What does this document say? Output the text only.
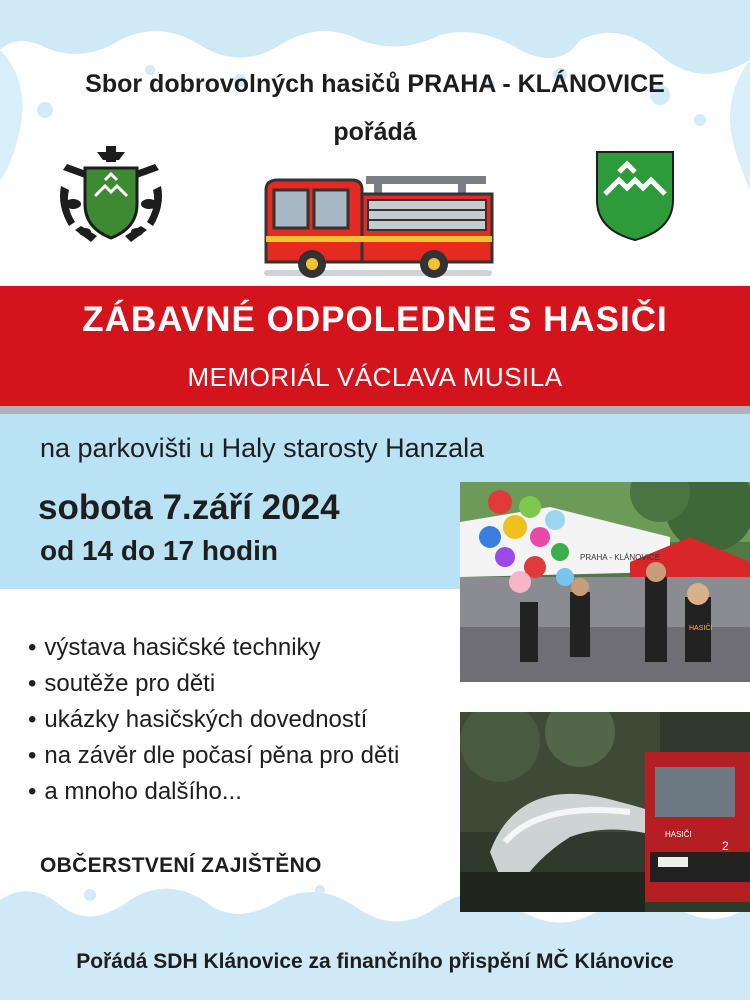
Sbor dobrovolných hasičů PRAHA - KLÁNOVICE
pořádá
ZÁBAVNÉ ODPOLEDNE S HASIČI
MEMORIÁL VÁCLAVA MUSILA
na parkovišti u Haly starosty Hanzala
sobota 7.září 2024
od 14 do 17 hodin	PRAHA - KLÁNOVICE
HASIČI
2
HASIČI
• výstava hasičské techniky
• soutěže pro děti
• ukázky hasičských dovedností
• na závěr dle počasí pěna pro děti
• a mnoho dalšího...
OBČERSTVENÍ ZAJIŠTĚNO
Pořádá SDH Klánovice za finančního přispění MČ Klánovice
